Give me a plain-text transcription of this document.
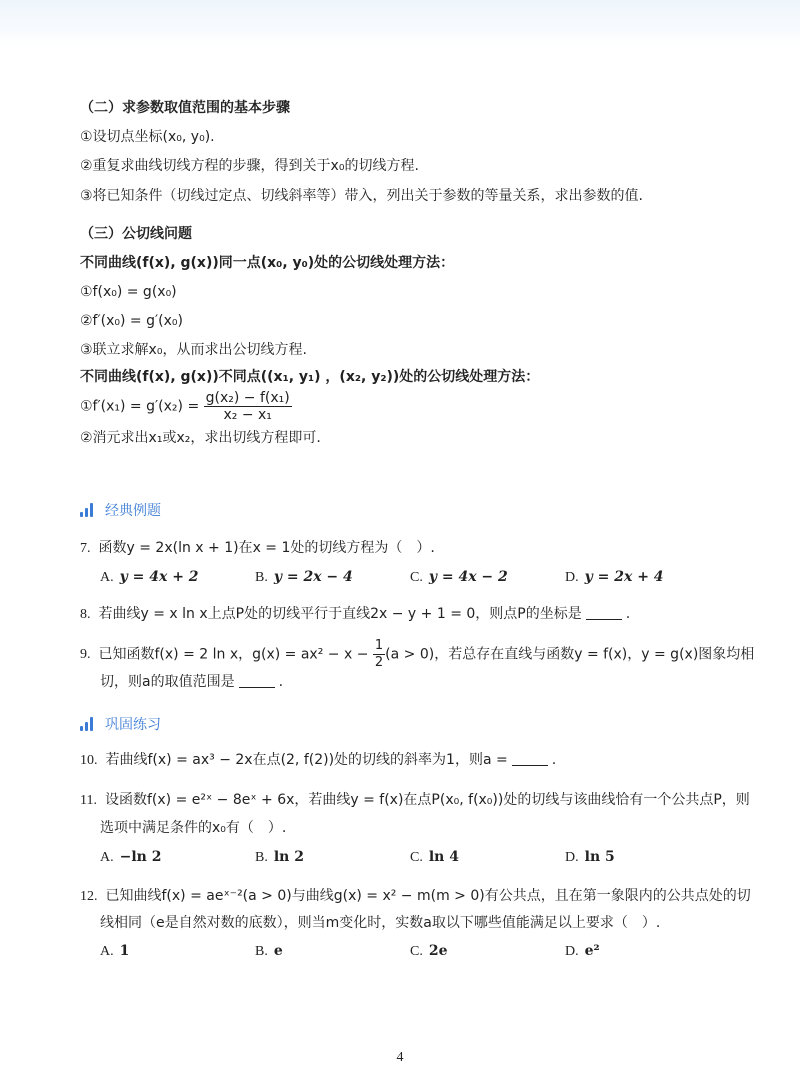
（二）求参数取值范围的基本步骤
①设切点坐标(x₀, y₀).
②重复求曲线切线方程的步骤，得到关于x₀的切线方程.
③将已知条件（切线过定点、切线斜率等）带入，列出关于参数的等量关系，求出参数的值.
（三）公切线问题
不同曲线(f(x), g(x))同一点(x₀, y₀)处的公切线处理方法：
①f(x₀) = g(x₀)
②f′(x₀) = g′(x₀)
③联立求解x₀，从而求出公切线方程.
不同曲线(f(x), g(x))不同点((x₁, y₁) ，(x₂, y₂))处的公切线处理方法：
①f′(x₁) = $g'(x_2) = \frac{\text{g(x₂) − f(x₁)}}{\text{x₂ − x₁}}$
②消元求出x₁或x₂，求出切线方程即可.
经典例题
7. 函数y = 2x(ln x + 1)在x = 1处的切线方程为（　）.
A. y = 4x + 2	B. y = 2x − 4	C. y = 4x − 2	D. y = 2x + 4
8. 若曲线y = x ln x上点P处的切线平行于直线2x − y + 1 = 0，则点P的坐标是	.
9. 已知函数f(x) = 2 ln x，$g(x) = ax^2 - x - \frac{1}{2} (a > 0)$，若总存在直线与函数y = f(x)，y = g(x)图象均相
切，则a的取值范围是	.
巩固练习
10. 若曲线f(x) = ax³ − 2x在点(2, f(2))处的切线的斜率为1，则a =	.
11. 设函数f(x) = e²ˣ − 8eˣ + 6x，若曲线y = f(x)在点P(x₀, f(x₀))处的切线与该曲线恰有一个公共点P，则
选项中满足条件的x₀有（　）.
A. −ln 2	B. ln 2	C. ln 4	D. ln 5
12. 已知曲线f(x) = aeˣ⁻²(a > 0)与曲线g(x) = x² − m(m > 0)有公共点，且在第一象限内的公共点处的切
线相同（e是自然对数的底数），则当m变化时，实数a取以下哪些值能满足以上要求（　）.
A. 1	B. e	C. 2e	D. e²
4
